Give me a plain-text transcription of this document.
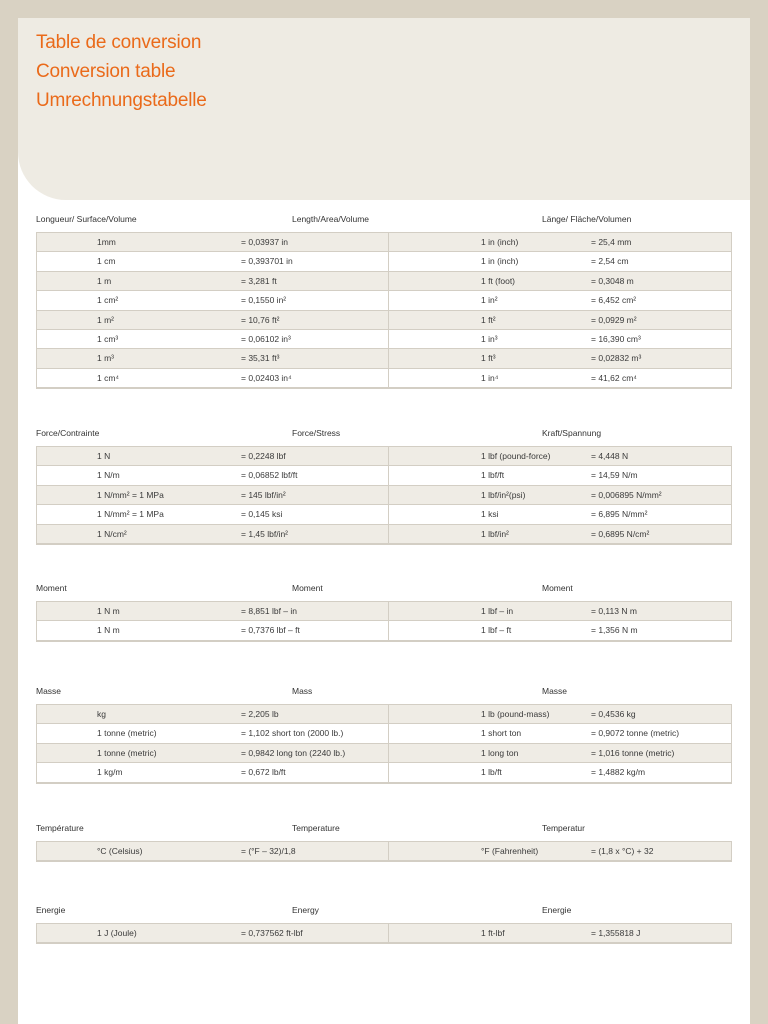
Table de conversion
Conversion table
Umrechnungstabelle
Longueur/ Surface/Volume	Length/Area/Volume	Länge/ Fläche/Volumen
1mm	= 0,03937 in	1 in (inch)	= 25,4 mm
1 cm	= 0,393701 in	1 in (inch)	= 2,54 cm
1 m	= 3,281 ft	1 ft (foot)	= 0,3048 m
1 cm²	= 0,1550 in²	1 in²	= 6,452 cm²
1 m²	= 10,76 ft²	1 ft²	= 0,0929 m²
1 cm³	= 0,06102 in³	1 in³	= 16,390 cm³
1 m³	= 35,31 ft³	1 ft³	= 0,02832 m³
1 cm⁴	= 0,02403 in⁴	1 in⁴	= 41,62 cm⁴
Force/Contrainte	Force/Stress	Kraft/Spannung
1 N	= 0,2248 lbf	1 lbf (pound-force)	= 4,448 N
1 N/m	= 0,06852 lbf/ft	1 lbf/ft	= 14,59 N/m
1 N/mm² = 1 MPa	= 145 lbf/in²	1 lbf/in²(psi)	= 0,006895 N/mm²
1 N/mm² = 1 MPa	= 0,145 ksi	1 ksi	= 6,895 N/mm²
1 N/cm²	= 1,45 lbf/in²	1 lbf/in²	= 0,6895 N/cm²
Moment	Moment	Moment
1 N m	= 8,851 lbf – in	1 lbf – in	= 0,113 N m
1 N m	= 0,7376 lbf – ft	1 lbf – ft	= 1,356 N m
Masse	Mass	Masse
kg	= 2,205 lb	1 lb (pound-mass)	= 0,4536 kg
1 tonne (metric)	= 1,102 short ton (2000 lb.)	1 short ton	= 0,9072 tonne (metric)
1 tonne (metric)	= 0,9842 long ton (2240 lb.)	1 long ton	= 1,016 tonne (metric)
1 kg/m	= 0,672 lb/ft	1 lb/ft	= 1,4882 kg/m
Température	Temperature	Temperatur
°C (Celsius)	= (°F – 32)/1,8	°F (Fahrenheit)	= (1,8 x °C) + 32
Energie	Energy	Energie
1 J (Joule)	= 0,737562 ft-lbf	1 ft-lbf	= 1,355818 J
